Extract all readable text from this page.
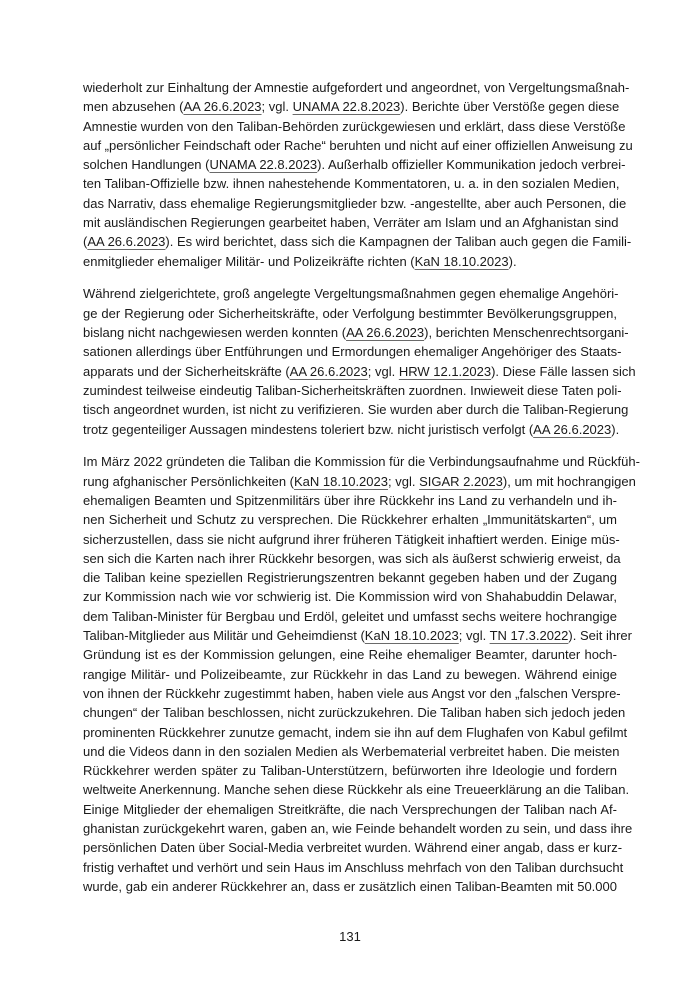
wiederholt zur Einhaltung der Amnestie aufgefordert und angeordnet, von Vergeltungsmaßnah-
men abzusehen (AA 26.6.2023; vgl. UNAMA 22.8.2023). Berichte über Verstöße gegen diese
Amnestie wurden von den Taliban-Behörden zurückgewiesen und erklärt, dass diese Verstöße
auf „persönlicher Feindschaft oder Rache“ beruhten und nicht auf einer offiziellen Anweisung zu
solchen Handlungen (UNAMA 22.8.2023). Außerhalb offizieller Kommunikation jedoch verbrei-
ten Taliban-Offizielle bzw. ihnen nahestehende Kommentatoren, u. a. in den sozialen Medien,
das Narrativ, dass ehemalige Regierungsmitglieder bzw. -angestellte, aber auch Personen, die
mit ausländischen Regierungen gearbeitet haben, Verräter am Islam und an Afghanistan sind
(AA 26.6.2023). Es wird berichtet, dass sich die Kampagnen der Taliban auch gegen die Famili-
enmitglieder ehemaliger Militär- und Polizeikräfte richten (KaN 18.10.2023).
Während zielgerichtete, groß angelegte Vergeltungsmaßnahmen gegen ehemalige Angehöri-
ge der Regierung oder Sicherheitskräfte, oder Verfolgung bestimmter Bevölkerungsgruppen,
bislang nicht nachgewiesen werden konnten (AA 26.6.2023), berichten Menschenrechtsorgani-
sationen allerdings über Entführungen und Ermordungen ehemaliger Angehöriger des Staats-
apparats und der Sicherheitskräfte (AA 26.6.2023; vgl. HRW 12.1.2023). Diese Fälle lassen sich
zumindest teilweise eindeutig Taliban-Sicherheitskräften zuordnen. Inwieweit diese Taten poli-
tisch angeordnet wurden, ist nicht zu verifizieren. Sie wurden aber durch die Taliban-Regierung
trotz gegenteiliger Aussagen mindestens toleriert bzw. nicht juristisch verfolgt (AA 26.6.2023).
Im März 2022 gründeten die Taliban die Kommission für die Verbindungsaufnahme und Rückfüh-
rung afghanischer Persönlichkeiten (KaN 18.10.2023; vgl. SIGAR 2.2023), um mit hochrangigen
ehemaligen Beamten und Spitzenmilitärs über ihre Rückkehr ins Land zu verhandeln und ih-
nen Sicherheit und Schutz zu versprechen. Die Rückkehrer erhalten „Immunitätskarten“, um
sicherzustellen, dass sie nicht aufgrund ihrer früheren Tätigkeit inhaftiert werden. Einige müs-
sen sich die Karten nach ihrer Rückkehr besorgen, was sich als äußerst schwierig erweist, da
die Taliban keine speziellen Registrierungszentren bekannt gegeben haben und der Zugang
zur Kommission nach wie vor schwierig ist. Die Kommission wird von Shahabuddin Delawar,
dem Taliban-Minister für Bergbau und Erdöl, geleitet und umfasst sechs weitere hochrangige
Taliban-Mitglieder aus Militär und Geheimdienst (KaN 18.10.2023; vgl. TN 17.3.2022). Seit ihrer
Gründung ist es der Kommission gelungen, eine Reihe ehemaliger Beamter, darunter hoch-
rangige Militär- und Polizeibeamte, zur Rückkehr in das Land zu bewegen. Während einige
von ihnen der Rückkehr zugestimmt haben, haben viele aus Angst vor den „falschen Verspre-
chungen“ der Taliban beschlossen, nicht zurückzukehren. Die Taliban haben sich jedoch jeden
prominenten Rückkehrer zunutze gemacht, indem sie ihn auf dem Flughafen von Kabul gefilmt
und die Videos dann in den sozialen Medien als Werbematerial verbreitet haben. Die meisten
Rückkehrer werden später zu Taliban-Unterstützern, befürworten ihre Ideologie und fordern
weltweite Anerkennung. Manche sehen diese Rückkehr als eine Treueerklärung an die Taliban.
Einige Mitglieder der ehemaligen Streitkräfte, die nach Versprechungen der Taliban nach Af-
ghanistan zurückgekehrt waren, gaben an, wie Feinde behandelt worden zu sein, und dass ihre
persönlichen Daten über Social-Media verbreitet wurden. Während einer angab, dass er kurz-
fristig verhaftet und verhört und sein Haus im Anschluss mehrfach von den Taliban durchsucht
wurde, gab ein anderer Rückkehrer an, dass er zusätzlich einen Taliban-Beamten mit 50.000
131
